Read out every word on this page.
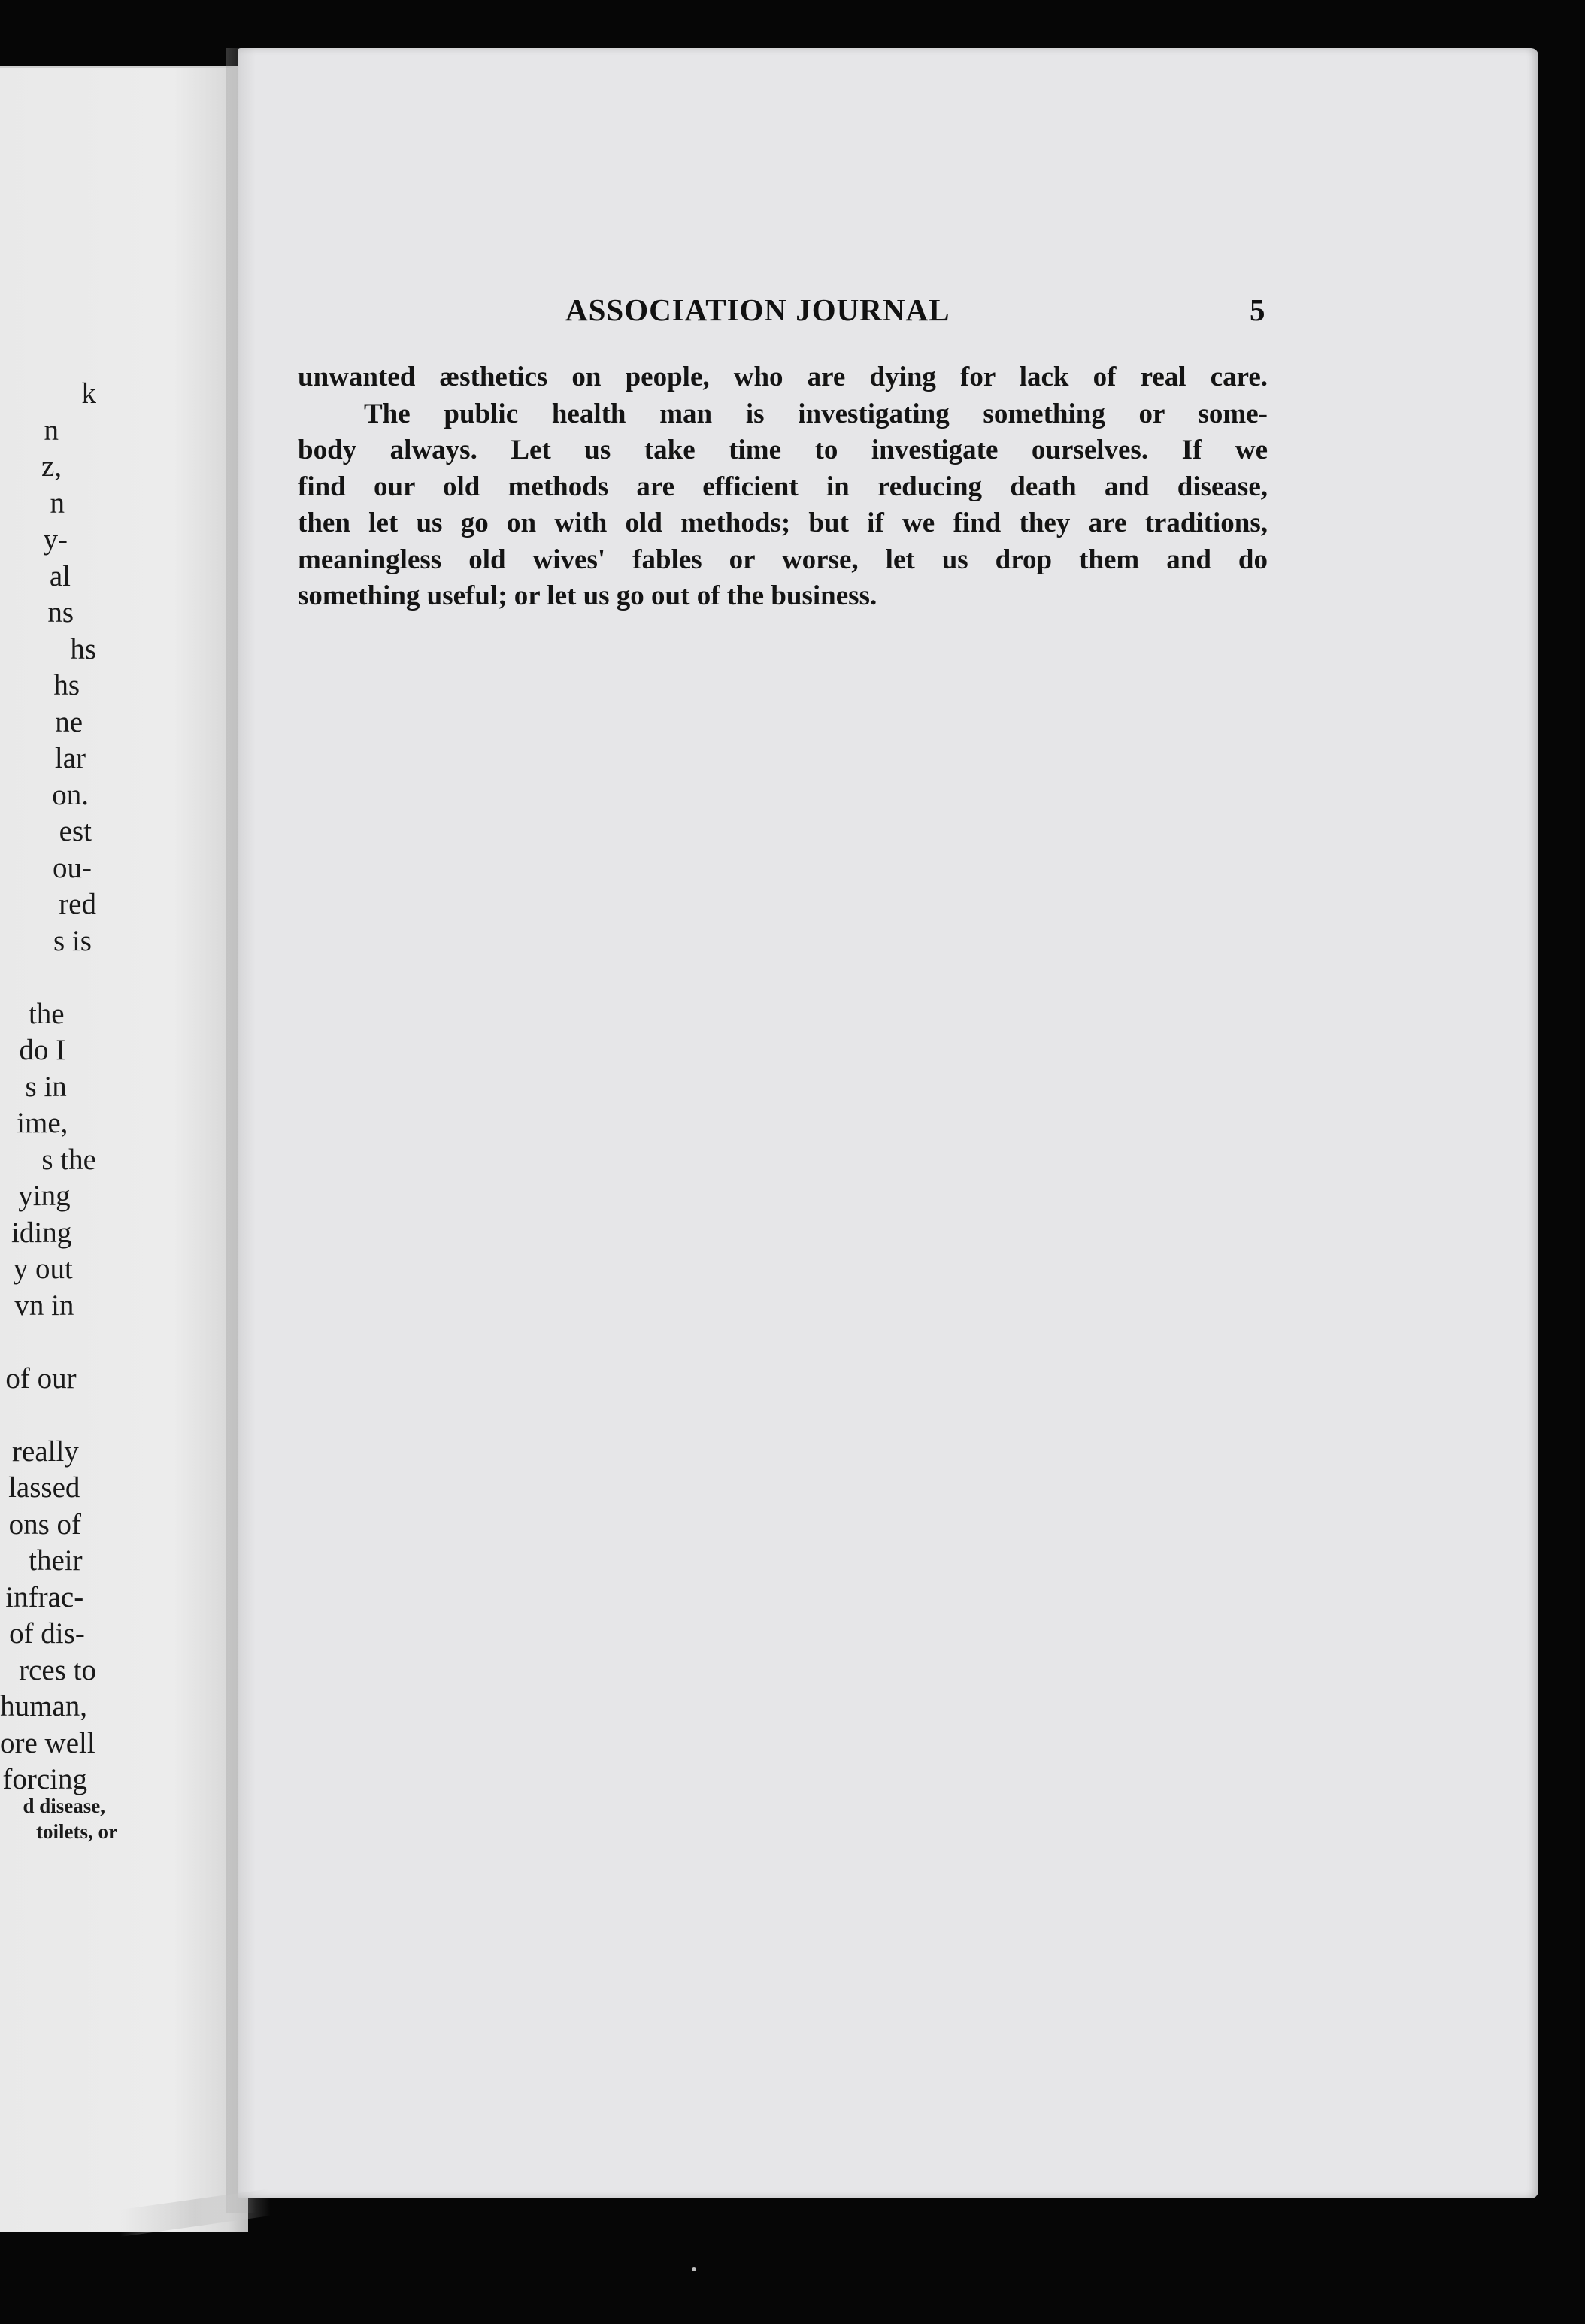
k
n
z,
n
y-
al
ns
hs
hs
ne
lar
on.
est
ou-
red
s is
the
do I
s in
ime,
s the
ying
iding
y out
vn in
of our
really
lassed
ons of
their
infrac-
of dis-
rces to
human,
ore well
forcing
d disease,
toilets, or
ASSOCIATION JOURNAL	5
unwanted æsthetics on people, who are dying for lack of real care.
The public health man is investigating something or some-
body always. Let us take time to investigate ourselves. If we
find our old methods are efficient in reducing death and disease,
then let us go on with old methods; but if we find they are traditions,
meaningless old wives' fables or worse, let us drop them and do
something useful; or let us go out of the business.
